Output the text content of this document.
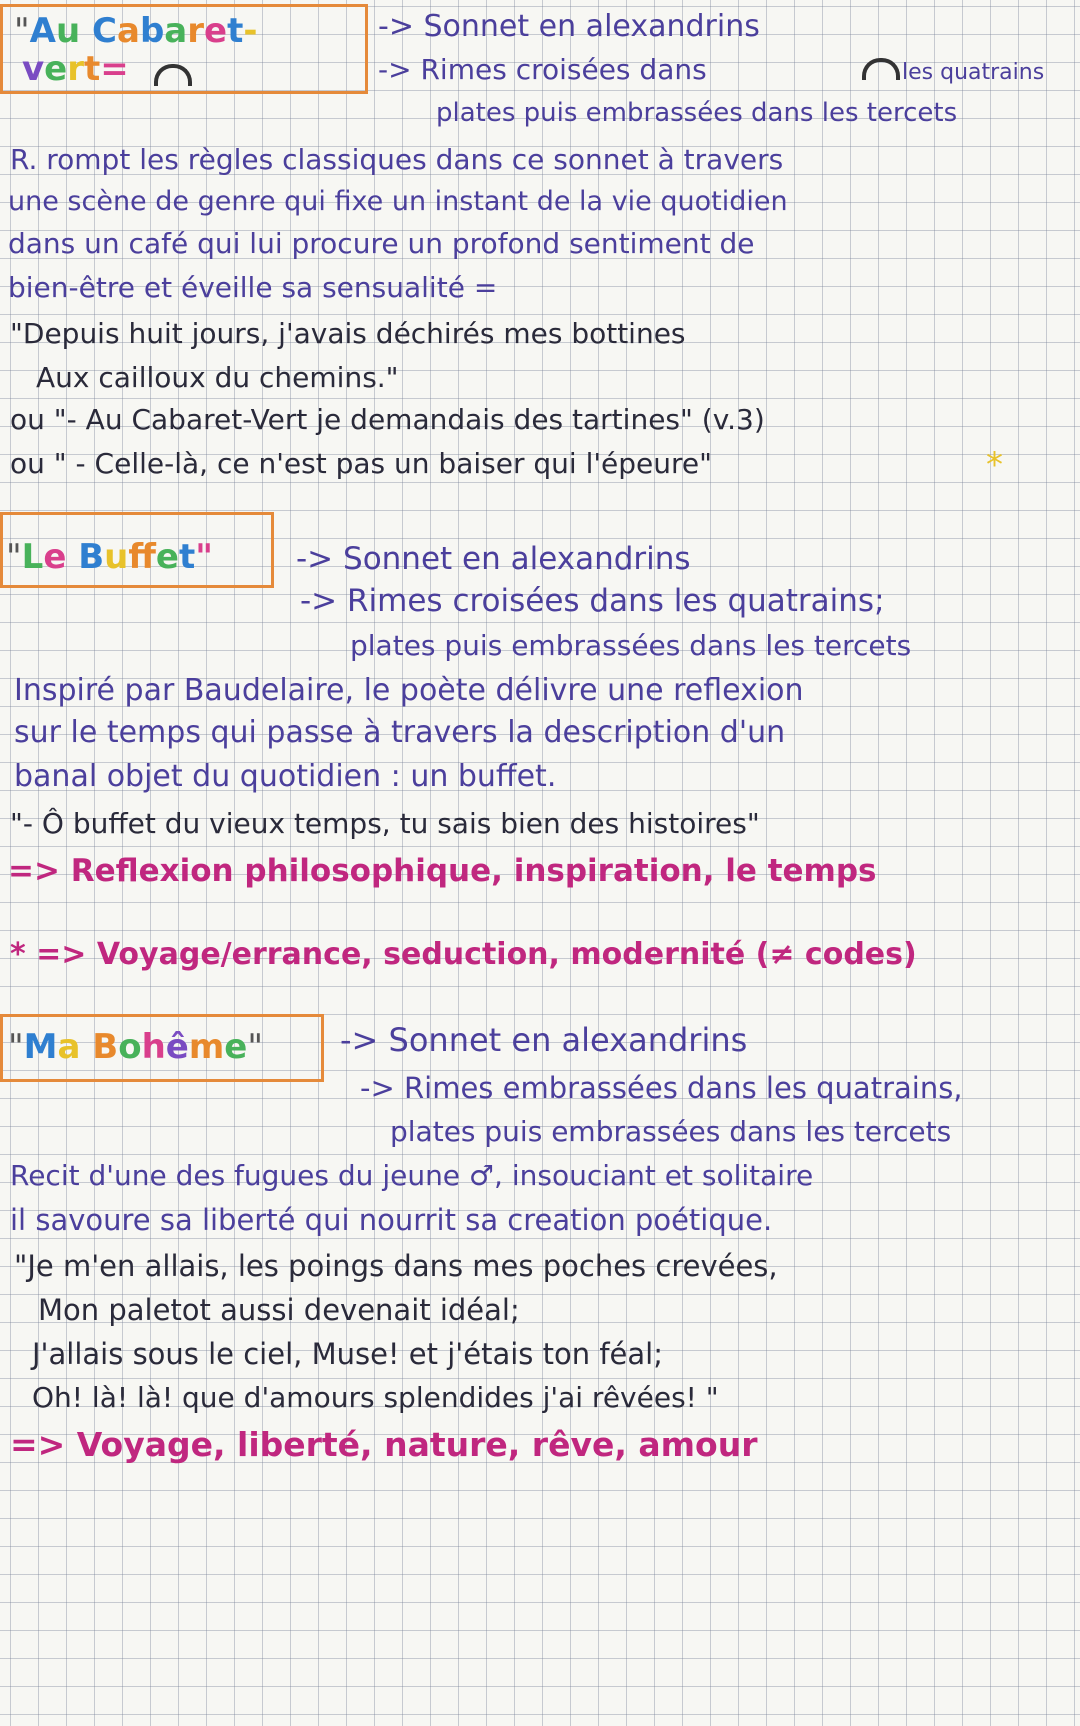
"Au Cabaret-
vert=
-> Sonnet en alexandrins
-> Rimes croisées dans	les quatrains
plates puis embrassées dans les tercets
R. rompt les règles classiques dans ce sonnet à travers
une scène de genre qui fixe un instant de la vie quotidien
dans un café qui lui procure un profond sentiment de
bien-être et éveille sa sensualité =
"Depuis huit jours, j'avais déchirés mes bottines
Aux cailloux du chemins."
ou "- Au Cabaret-Vert je demandais des tartines" (v.3)
ou " - Celle-là, ce n'est pas un baiser qui l'épeure"	*
"Le Bufet"	-> Sonnet en alexandrins
-> Rimes croisées dans les quatrains;
plates puis embrassées dans les tercets
Inspiré par Baudelaire, le poète délivre une reflexion
sur le temps qui passe à travers la description d'un
banal objet du quotidien : un buffet.
"- Ô buffet du vieux temps, tu sais bien des histoires"
=> Reflexion philosophique, inspiration, le temps
* => Voyage/errance, seduction, modernité (≠ codes)
"Ma Bohême" -> Sonnet en alexandrins
-> Rimes embrassées dans les quatrains,
plates puis embrassées dans les tercets
Recit d'une des fugues du jeune ♂, insouciant et solitaire
il savoure sa liberté qui nourrit sa creation poétique.
"Je m'en allais, les poings dans mes poches crevées,
Mon paletot aussi devenait idéal;
J'allais sous le ciel, Muse! et j'étais ton féal;
Oh! là! là! que d'amours splendides j'ai rêvées! "
=> Voyage, liberté, nature, rêve, amour
